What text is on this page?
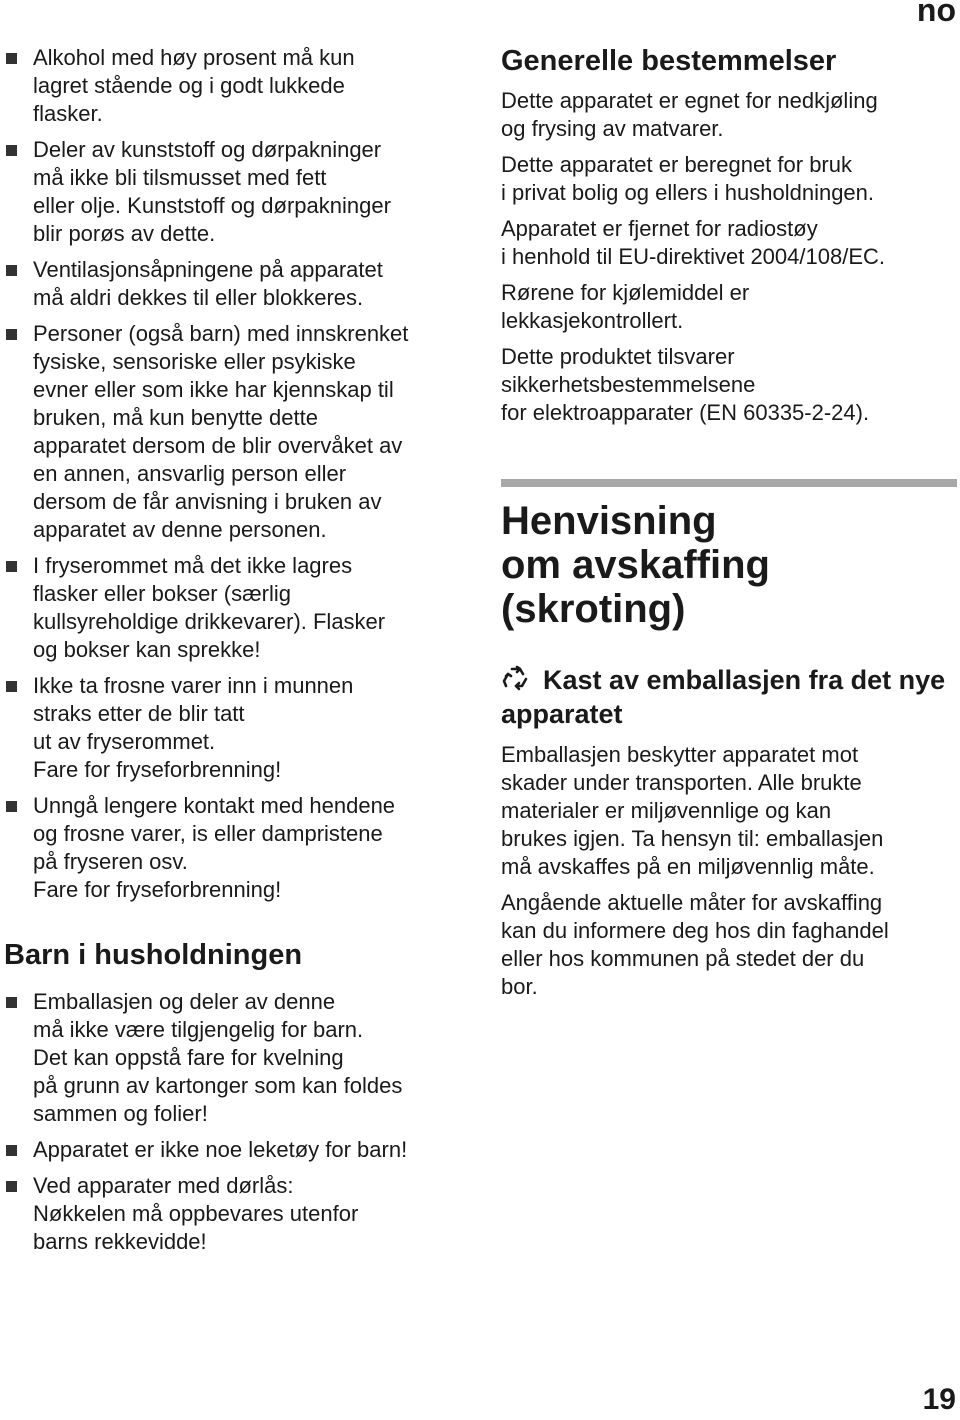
no
Alkohol med høy prosent må kun
lagret stående og i godt lukkede
flasker.
Deler av kunststoff og dørpakninger
må ikke bli tilsmusset med fett
eller olje. Kunststoff og dørpakninger
blir porøs av dette.
Ventilasjonsåpningene på apparatet
må aldri dekkes til eller blokkeres.
Personer (også barn) med innskrenket
fysiske, sensoriske eller psykiske
evner eller som ikke har kjennskap til
bruken, må kun benytte dette
apparatet dersom de blir overvåket av
en annen, ansvarlig person eller
dersom de får anvisning i bruken av
apparatet av denne personen.
I fryserommet må det ikke lagres
flasker eller bokser (særlig
kullsyreholdige drikkevarer). Flasker
og bokser kan sprekke!
Ikke ta frosne varer inn i munnen
straks etter de blir tatt
ut av fryserommet.
Fare for fryseforbrenning!
Unngå lengere kontakt med hendene
og frosne varer, is eller dampristene
på fryseren osv.
Fare for fryseforbrenning!
Barn i husholdningen
Emballasjen og deler av denne
må ikke være tilgjengelig for barn.
Det kan oppstå fare for kvelning
på grunn av kartonger som kan foldes
sammen og folier!
Apparatet er ikke noe leketøy for barn!
Ved apparater med dørlås:
Nøkkelen må oppbevares utenfor
barns rekkevidde!
Generelle bestemmelser

Dette apparatet er egnet for nedkjøling
og frysing av matvarer.

Dette apparatet er beregnet for bruk
i privat bolig og ellers i husholdningen.

Apparatet er fjernet for radiostøy
i henhold til EU-direktivet 2004/108/EC.

Rørene for kjølemiddel er
lekkasjekontrollert.

Dette produktet tilsvarer
sikkerhetsbestemmelsene
for elektroapparater (EN 60335-2-24).

Henvisning
om avskaffing
(skroting)
Kast av emballasjen fra det nye apparatet

Emballasjen beskytter apparatet mot
skader under transporten. Alle brukte
materialer er miljøvennlige og kan
brukes igjen. Ta hensyn til: emballasjen
må avskaffes på en miljøvennlig måte.

Angående aktuelle måter for avskaffing
kan du informere deg hos din faghandel
eller hos kommunen på stedet der du
bor.

19
